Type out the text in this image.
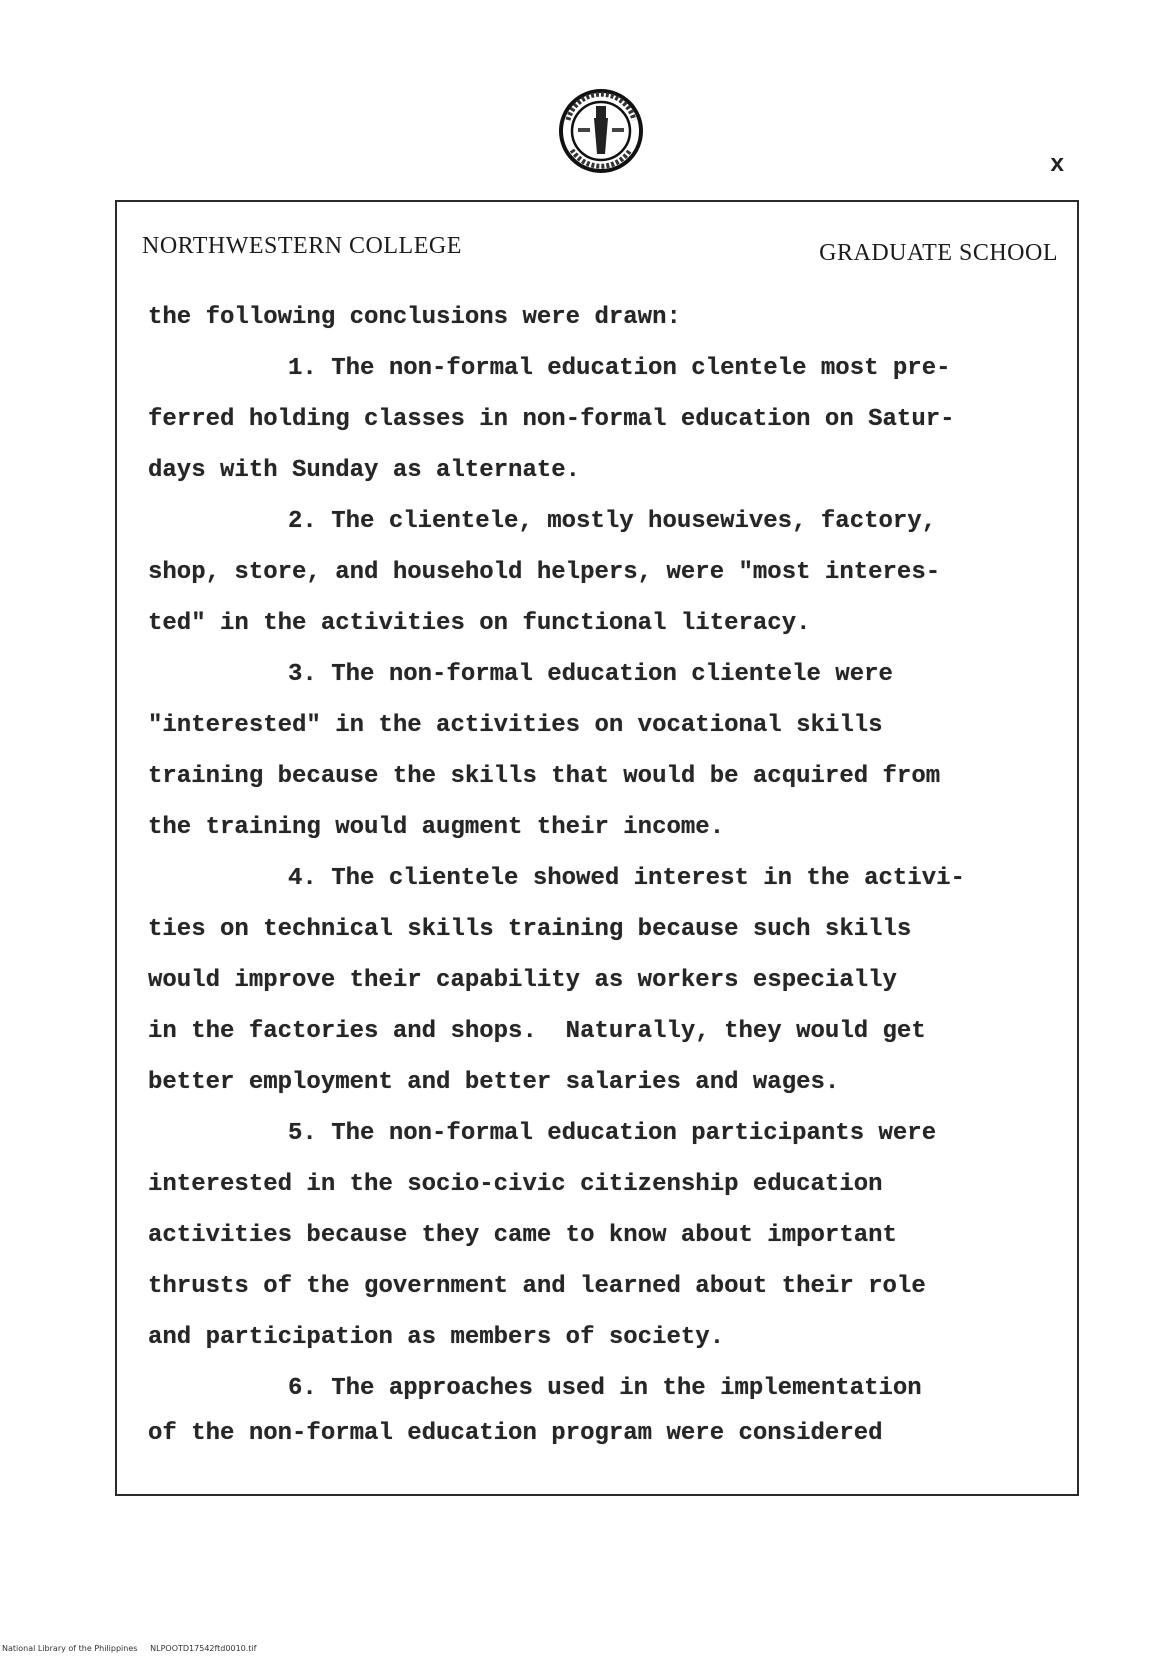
x
NORTHWESTERN COLLEGE	GRADUATE SCHOOL
the following conclusions were drawn:
1. The non-formal education clentele most pre-
ferred holding classes in non-formal education on Satur-
days with Sunday as alternate.
2. The clientele, mostly housewives, factory,
shop, store, and household helpers, were "most interes-
ted" in the activities on functional literacy.
3. The non-formal education clientele were
"interested" in the activities on vocational skills
training because the skills that would be acquired from
the training would augment their income.
4. The clientele showed interest in the activi-
ties on technical skills training because such skills
would improve their capability as workers especially
in the factories and shops.  Naturally, they would get
better employment and better salaries and wages.
5. The non-formal education participants were
interested in the socio-civic citizenship education
activities because they came to know about important
thrusts of the government and learned about their role
and participation as members of society.
6. The approaches used in the implementation
of the non-formal education program were considered
National Library of the Philippines     NLPOOTD17542ftd0010.tif
